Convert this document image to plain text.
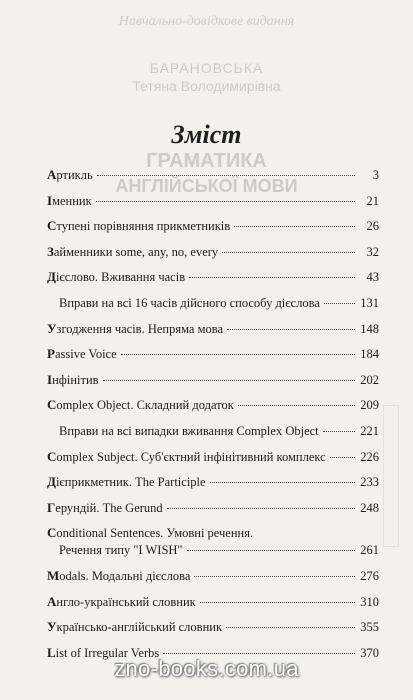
Навчально-довідкове видання
БАРАНОВСЬКА
Тетяна Володимирівна
ГРАМАТИКА
АНГЛІЙСЬКОЇ МОВИ
Зміст
Артикль	3
Іменник	21
Ступені порівняння прикметників	26
Займенники some, any, no, every	32
Дієслово. Вживання часів	43
Вправи на всі 16 часів дійсного способу дієслова	131
Узгодження часів. Непряма мова	148
Passive Voice	184
Інфінітив	202
Complex Object. Складний додаток	209
Вправи на всі випадки вживання Complex Object	221
Complex Subject. Суб'єктний інфінітивний комплекс	226
Дієприкметник. The Participle	233
Герундій. The Gerund	248
Conditional Sentences. Умовні речення.
Речення типу "I WISH"	261
Modals. Модальні дієслова	276
Англо-український словник	310
Українсько-англійський словник	355
List of Irregular Verbs	370
zno-books.com.ua
